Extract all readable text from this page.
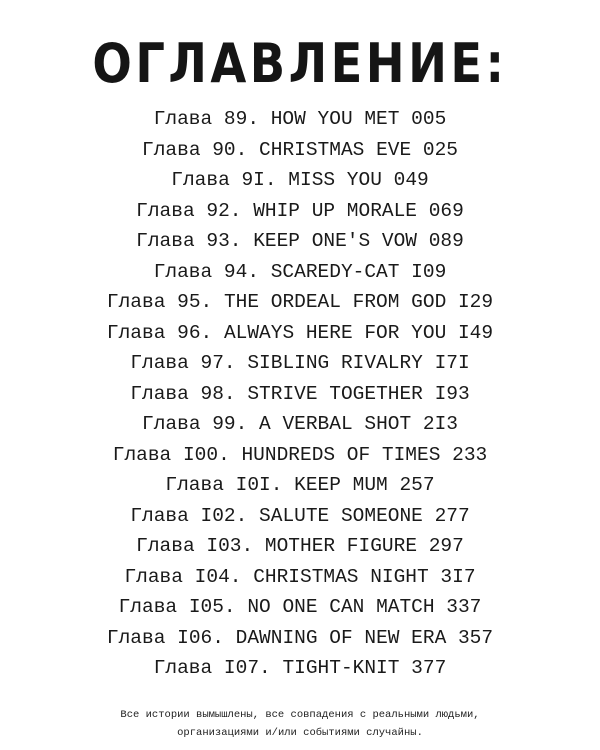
ОГЛАВЛЕНИЕ:
Глава 89. HOW YOU MET 005
Глава 90. CHRISTMAS EVE 025
Глава 9I. MISS YOU 049
Глава 92. WHIP UP MORALE 069
Глава 93. KEEP ONE'S VOW 089
Глава 94. SCAREDY-CAT I09
Глава 95. THE ORDEAL FROM GOD I29
Глава 96. ALWAYS HERE FOR YOU I49
Глава 97. SIBLING RIVALRY I7I
Глава 98. STRIVE TOGETHER I93
Глава 99. A VERBAL SHOT 2I3
Глава I00. HUNDREDS OF TIMES 233
Глава I0I. KEEP MUM 257
Глава I02. SALUTE SOMEONE 277
Глава I03. MOTHER FIGURE 297
Глава I04. CHRISTMAS NIGHT 3I7
Глава I05. NO ONE CAN MATCH 337
Глава I06. DAWNING OF NEW ERA 357
Глава I07. TIGHT-KNIT 377
Все истории вымышлены, все совпадения с реальными людьми,
организациями и/или событиями случайны.
